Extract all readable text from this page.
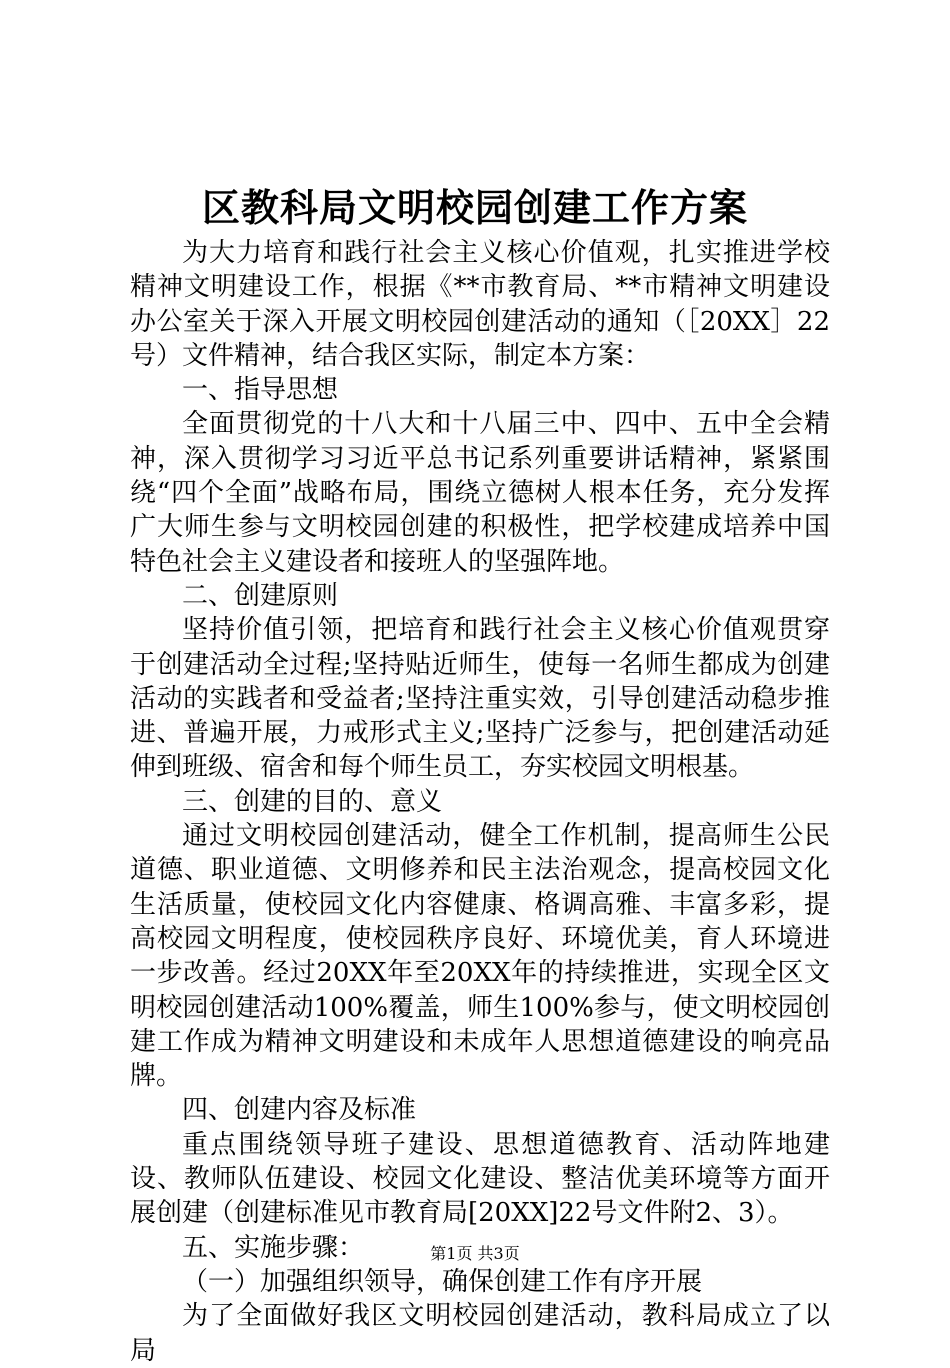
区教科局文明校园创建工作方案

为大力培育和践行社会主义核心价值观，扎实推进学校精神文明建设工作，根据《**市教育局、**市精神文明建设办公室关于深入开展文明校园创建活动的通知（［20XX］22号）文件精神，结合我区实际，制定本方案：

一、指导思想

全面贯彻党的十八大和十八届三中、四中、五中全会精神，深入贯彻学习习近平总书记系列重要讲话精神，紧紧围绕“四个全面”战略布局，围绕立德树人根本任务，充分发挥广大师生参与文明校园创建的积极性，把学校建成培养中国特色社会主义建设者和接班人的坚强阵地。

二、创建原则

坚持价值引领，把培育和践行社会主义核心价值观贯穿于创建活动全过程;坚持贴近师生，使每一名师生都成为创建活动的实践者和受益者;坚持注重实效，引导创建活动稳步推进、普遍开展，力戒形式主义;坚持广泛参与，把创建活动延伸到班级、宿舍和每个师生员工，夯实校园文明根基。

三、创建的目的、意义

通过文明校园创建活动，健全工作机制，提高师生公民道德、职业道德、文明修养和民主法治观念，提高校园文化生活质量，使校园文化内容健康、格调高雅、丰富多彩，提高校园文明程度，使校园秩序良好、环境优美，育人环境进一步改善。经过20XX年至20XX年的持续推进，实现全区文明校园创建活动100%覆盖，师生100%参与，使文明校园创建工作成为精神文明建设和未成年人思想道德建设的响亮品牌。

四、创建内容及标准

重点围绕领导班子建设、思想道德教育、活动阵地建设、教师队伍建设、校园文化建设、整洁优美环境等方面开展创建（创建标准见市教育局[20XX]22号文件附2、3）。

五、实施步骤：

（一）加强组织领导，确保创建工作有序开展

为了全面做好我区文明校园创建活动，教科局成立了以局

第1页 共3页
